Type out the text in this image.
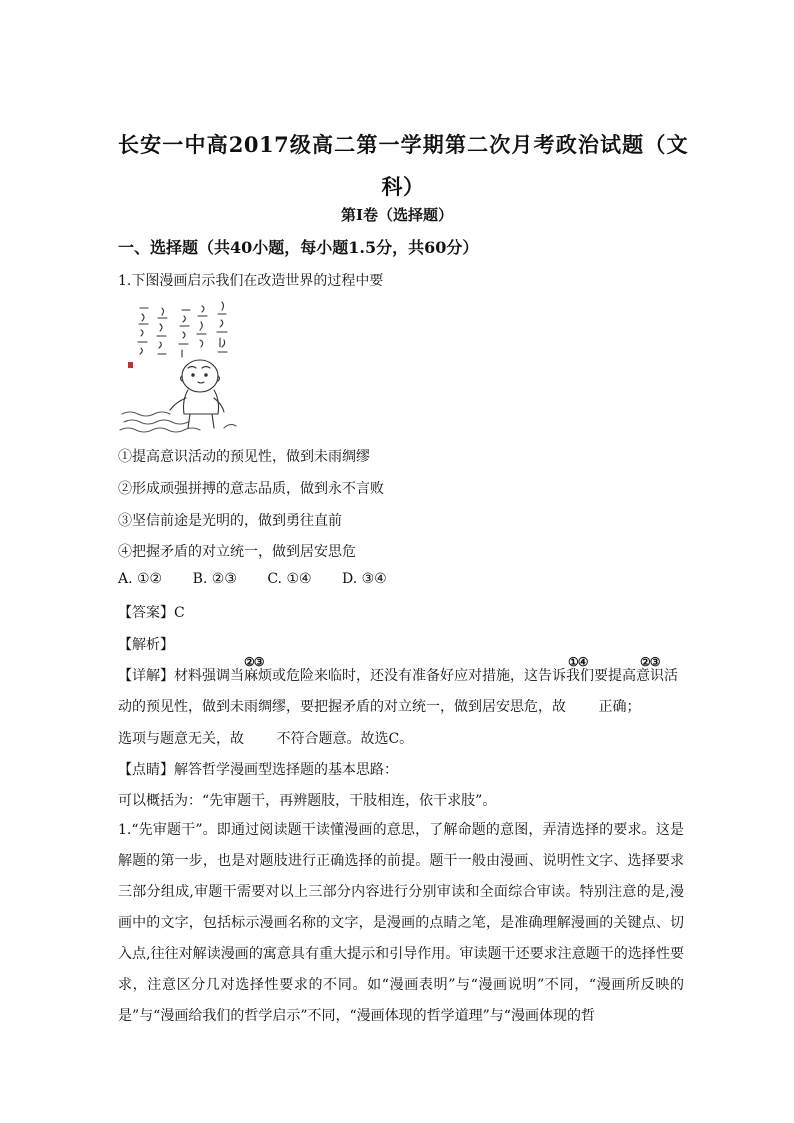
长安一中高2017级高二第一学期第二次月考政治试题（文科）
第I卷（选择题）
一、选择题（共40小题，每小题1.5分，共60分）
1.下图漫画启示我们在改造世界的过程中要
①提高意识活动的预见性，做到未雨绸缪
②形成顽强拼搏的意志品质，做到永不言败
③坚信前途是光明的，做到勇往直前
④把握矛盾的对立统一，做到居安思危
A. ①② B. ②③ C. ①④ D. ③④
【答案】C
【解析】
②③	①④	②③
【详解】材料强调当麻烦或危险来临时，还没有准备好应对措施，这告诉我们要提高意识活
动的预见性，做到未雨绸缪，要把握矛盾的对立统一，做到居安思危，故　　 正确；
选项与题意无关，故　　 不符合题意。故选C。
【点睛】解答哲学漫画型选择题的基本思路：
可以概括为：“先审题干，再辨题肢，干肢相连，依干求肢”。
1.“先审题干”。即通过阅读题干读懂漫画的意思，了解命题的意图，弄清选择的要求。这是解题的第一步，也是对题肢进行正确选择的前提。题干一般由漫画、说明性文字、选择要求三部分组成,审题干需要对以上三部分内容进行分别审读和全面综合审读。特别注意的是,漫画中的文字，包括标示漫画名称的文字，是漫画的点睛之笔，是准确理解漫画的关键点、切入点,往往对解读漫画的寓意具有重大提示和引导作用。审读题干还要求注意题干的选择性要求，注意区分几对选择性要求的不同。如“漫画表明”与“漫画说明”不同，“漫画所反映的是”与“漫画给我们的哲学启示”不同，“漫画体现的哲学道理”与“漫画体现的哲
